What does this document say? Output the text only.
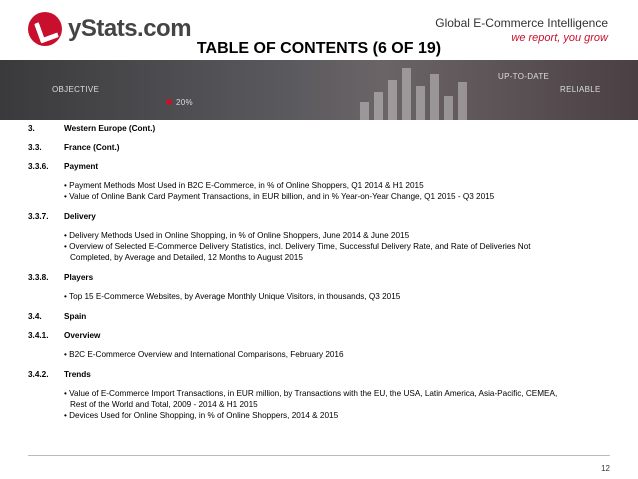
yStats.com	Global E-Commerce Intelligence
we report, you grow
TABLE OF CONTENTS (6 OF 19)
OBJECTIVE
UP-TO-DATE
RELIABLE
20%
3.	Western Europe (Cont.)
3.3.	France (Cont.)
3.3.6.	Payment
• Payment Methods Most Used in B2C E-Commerce, in % of Online Shoppers, Q1 2014 & H1 2015
• Value of Online Bank Card Payment Transactions, in EUR billion, and in % Year-on-Year Change, Q1 2015 - Q3 2015
3.3.7.	Delivery
• Delivery Methods Used in Online Shopping, in % of Online Shoppers, June 2014 & June 2015
• Overview of Selected E-Commerce Delivery Statistics, incl. Delivery Time, Successful Delivery Rate, and Rate of Deliveries Not
Completed, by Average and Detailed, 12 Months to August 2015
3.3.8.	Players
• Top 15 E-Commerce Websites, by Average Monthly Unique Visitors, in thousands, Q3 2015
3.4.	Spain
3.4.1.	Overview
• B2C E-Commerce Overview and International Comparisons, February 2016
3.4.2.	Trends
• Value of E-Commerce Import Transactions, in EUR million, by Transactions with the EU, the USA, Latin America, Asia-Pacific, CEMEA,
Rest of the World and Total, 2009 - 2014 & H1 2015
• Devices Used for Online Shopping, in % of Online Shoppers, 2014 & 2015
12
